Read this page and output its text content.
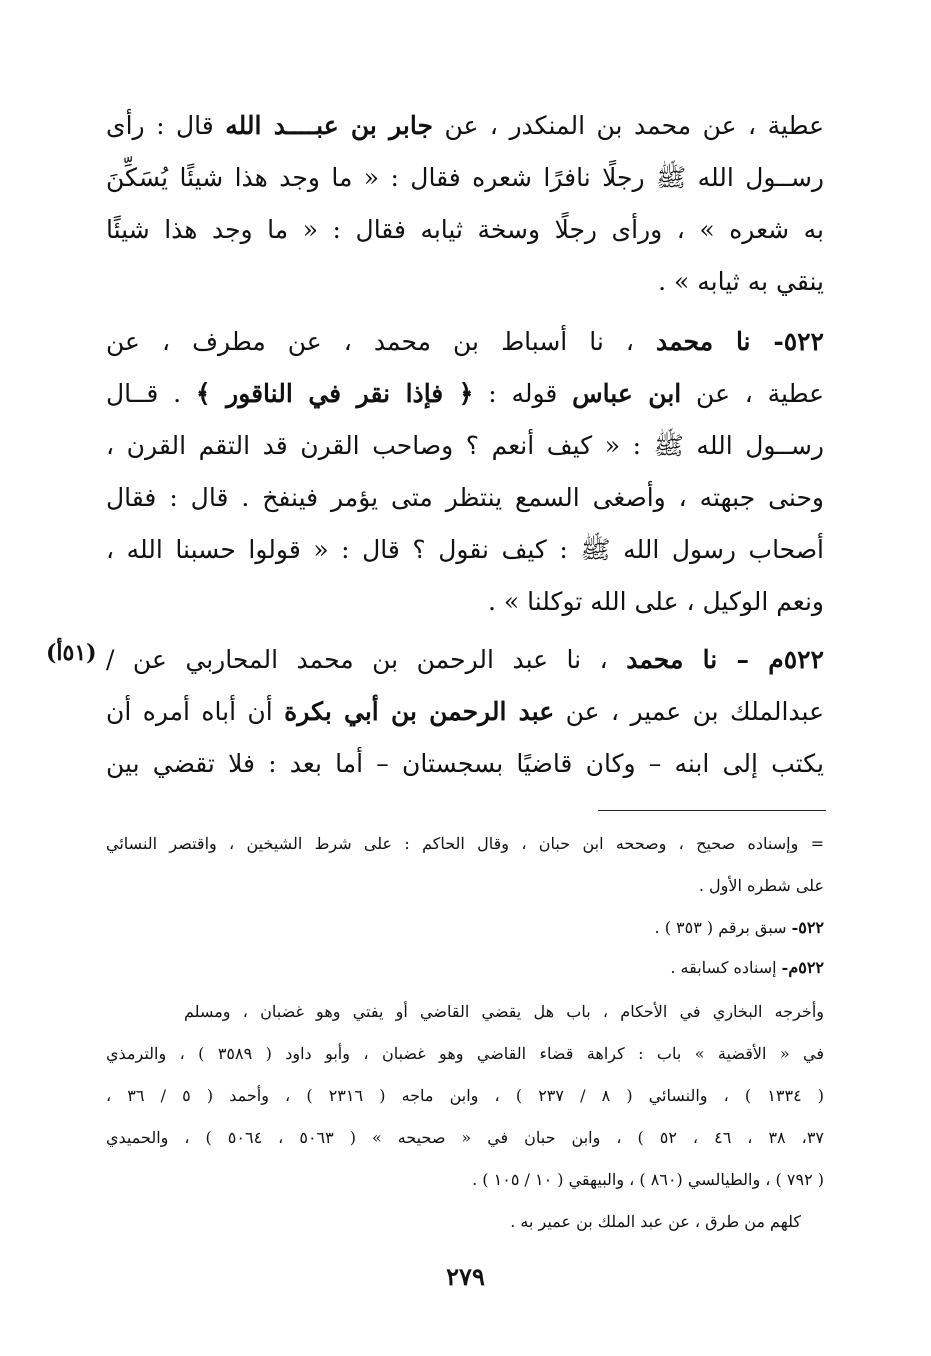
عطية ، عن محمد بن المنكدر ، عن جابر بن عبــــد الله قال : رأى
رســول الله ﷺ رجلًا نافرًا شعره فقال : « ما وجد هذا شيئًا يُسَكِّنَ
به شعره » ، ورأى رجلًا وسخة ثيابه فقال : « ما وجد هذا شيئًا
ينقي به ثيابه » .
٥٢٢- نا محمد ، نا أسباط بن محمد ، عن مطرف ، عن
عطية ، عن ابن عباس قوله : ﴿ فإذا نقر في الناقور ﴾ . قــال
رســول الله ﷺ : « كيف أنعم ؟ وصاحب القرن قد التقم القرن ،
وحنى جبهته ، وأصغى السمع ينتظر متى يؤمر فينفخ . قال : فقال
أصحاب رسول الله ﷺ : كيف نقول ؟ قال : « قولوا حسبنا الله ،
ونعم الوكيل ، على الله توكلنا » .
٥٢٢م – نا محمد ، نا عبد الرحمن بن محمد المحاربي عن /
عبدالملك بن عمير ، عن عبد الرحمن بن أبي بكرة أن أباه أمره أن
يكتب إلى ابنه – وكان قاضيًا بسجستان – أما بعد : فلا تقضي بين
(٥١أ)
= وإسناده صحيح ، وصححه ابن حبان ، وقال الحاكم : على شرط الشيخين ، واقتصر النسائي
على شطره الأول .
٥٢٢- سبق برقم ( ٣٥٣ ) .
٥٢٢م- إسناده كسابقه .
وأخرجه البخاري في الأحكام ، باب هل يقضي القاضي أو يفتي وهو غضبان ، ومسلم
في « الأقضية » باب : كراهة قضاء القاضي وهو غضبان ، وأبو داود ( ٣٥٨٩ ) ، والترمذي
( ١٣٣٤ ) ، والنسائي ( ٨ / ٢٣٧ ) ، وابن ماجه ( ٢٣١٦ ) ، وأحمد ( ٥ / ٣٦ ،
٣٧، ٣٨ ، ٤٦ ، ٥٢ ) ، وابن حبان في « صحيحه » ( ٥٠٦٣ ، ٥٠٦٤ ) ، والحميدي
( ٧٩٢ ) ، والطيالسي (٨٦٠ ) ، والبيهقي ( ١٠ / ١٠٥ ) .
كلهم من طرق ، عن عبد الملك بن عمير به .
٢٧٩
